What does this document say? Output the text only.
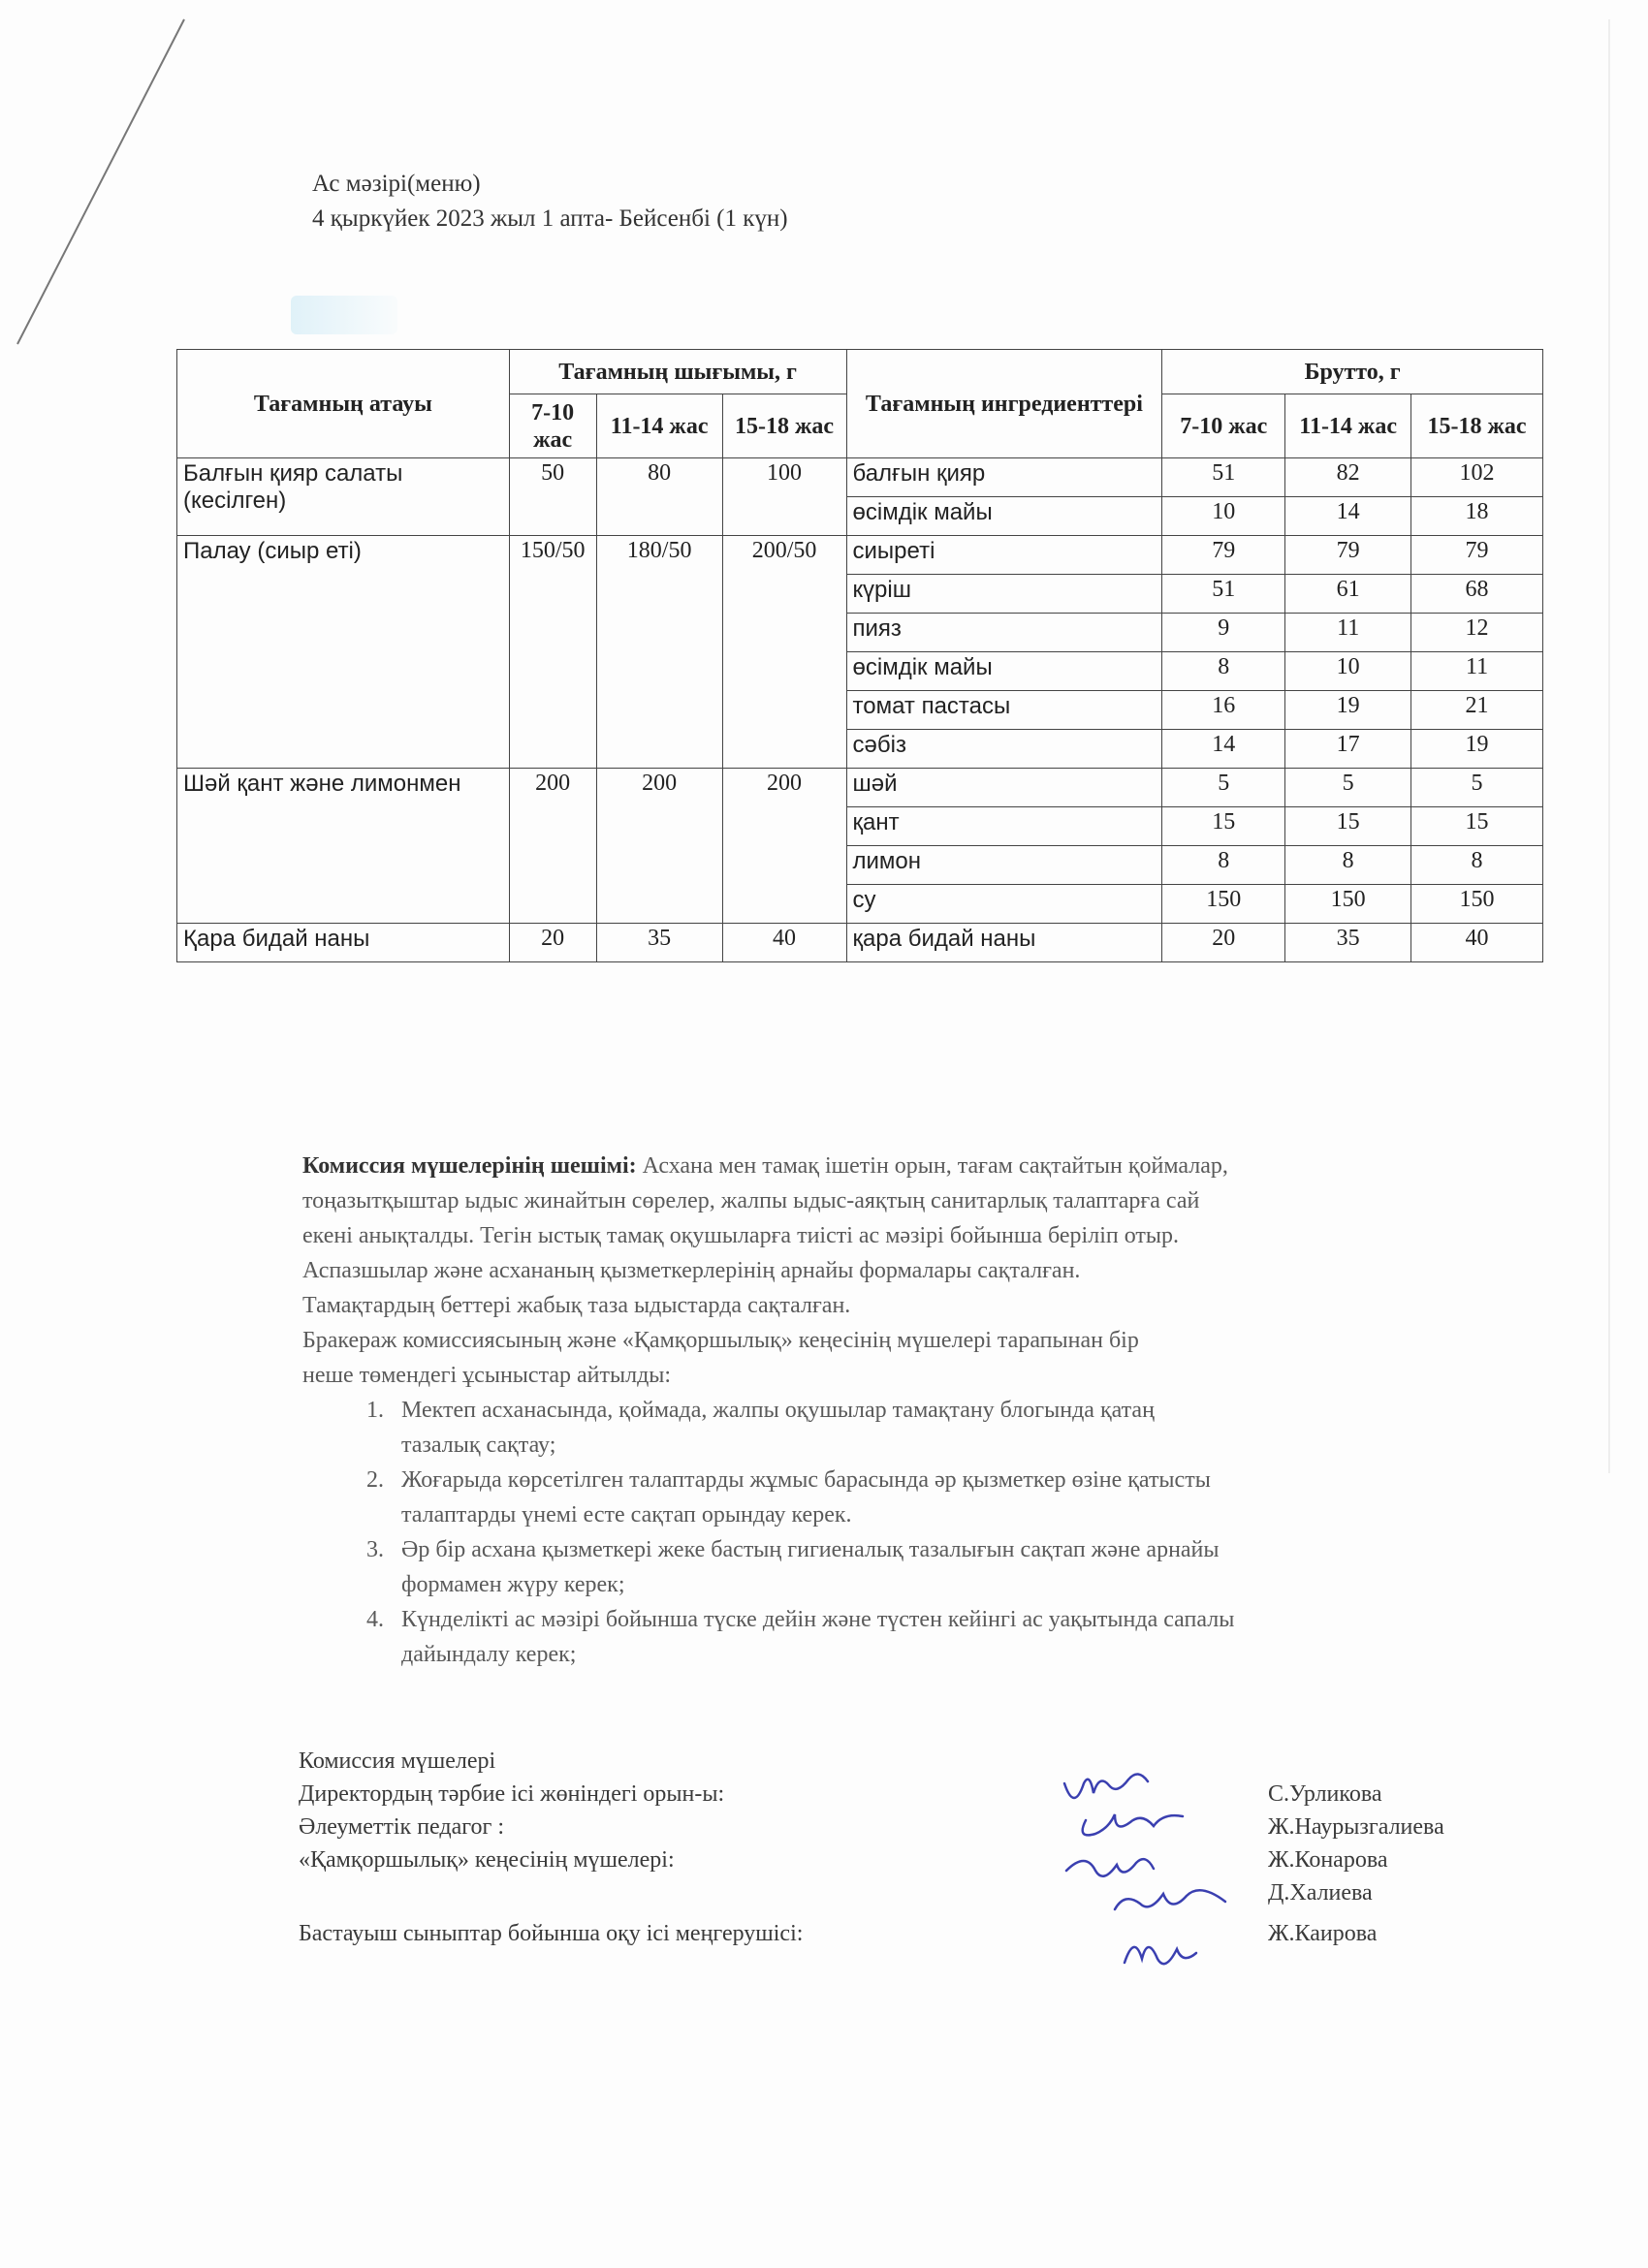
Ас мәзірі(меню)
4 қыркүйек 2023 жыл 1 апта- Бейсенбі (1 күн)
Тағамның атауы	Тағамның шығымы, г			Тағамның ингредиенттері	Брутто, г		
	7-10 жас	11-14 жас	15-18 жас		7-10 жас	11-14 жас	15-18 жас
Балғын қияр салаты (кесілген)	50	80	100	балғын қияр	51	82	102
				өсімдік майы	10	14	18
Палау (сиыр еті)	150/50	180/50	200/50	сиыреті	79	79	79
				күріш	51	61	68
				пияз	9	11	12
				өсімдік майы	8	10	11
				томат пастасы	16	19	21
				сәбіз	14	17	19
Шәй қант және лимонмен	200	200	200	шәй	5	5	5
				қант	15	15	15
				лимон	8	8	8
				су	150	150	150
Қара бидай наны	20	35	40	қара бидай наны	20	35	40
Комиссия мүшелерінің шешімі: Асхана мен тамақ ішетін орын, тағам сақтайтын қоймалар,
тоңазытқыштар ыдыс жинайтын сөрелер, жалпы ыдыс-аяқтың санитарлық талаптарға сай
екені анықталды. Тегін ыстық тамақ оқушыларға тиісті ас мәзірі бойынша беріліп отыр.
Аспазшылар және асхананың қызметкерлерінің арнайы формалары сақталған.
Тамақтардың беттері жабық таза ыдыстарда сақталған.
Бракераж комиссиясының және «Қамқоршылық» кеңесінің мүшелері тарапынан бір
неше төмендегі ұсыныстар айтылды:
1. Мектеп асханасында, қоймада, жалпы оқушылар тамақтану блогында қатаң
тазалық сақтау;
2. Жоғарыда көрсетілген талаптарды жұмыс барасында әр қызметкер өзіне қатысты
талаптарды үнемі есте сақтап орындау керек.
3. Әр бір асхана қызметкері жеке бастың гигиеналық тазалығын сақтап және арнайы
формамен жүру керек;
4. Күнделікті ас мәзірі бойынша түске дейін және түстен кейінгі ас уақытында сапалы
дайындалу керек;
Комиссия мүшелері
Директордың тәрбие ісі жөніндегі орын-ы:	С.Урликова
Әлеуметтік педагог :	Ж.Наурызгалиева
«Қамқоршылық» кеңесінің мүшелері:	Ж.Конарова
Д.Халиева
Бастауыш сыныптар бойынша оқу ісі меңгерушісі:	Ж.Каирова
